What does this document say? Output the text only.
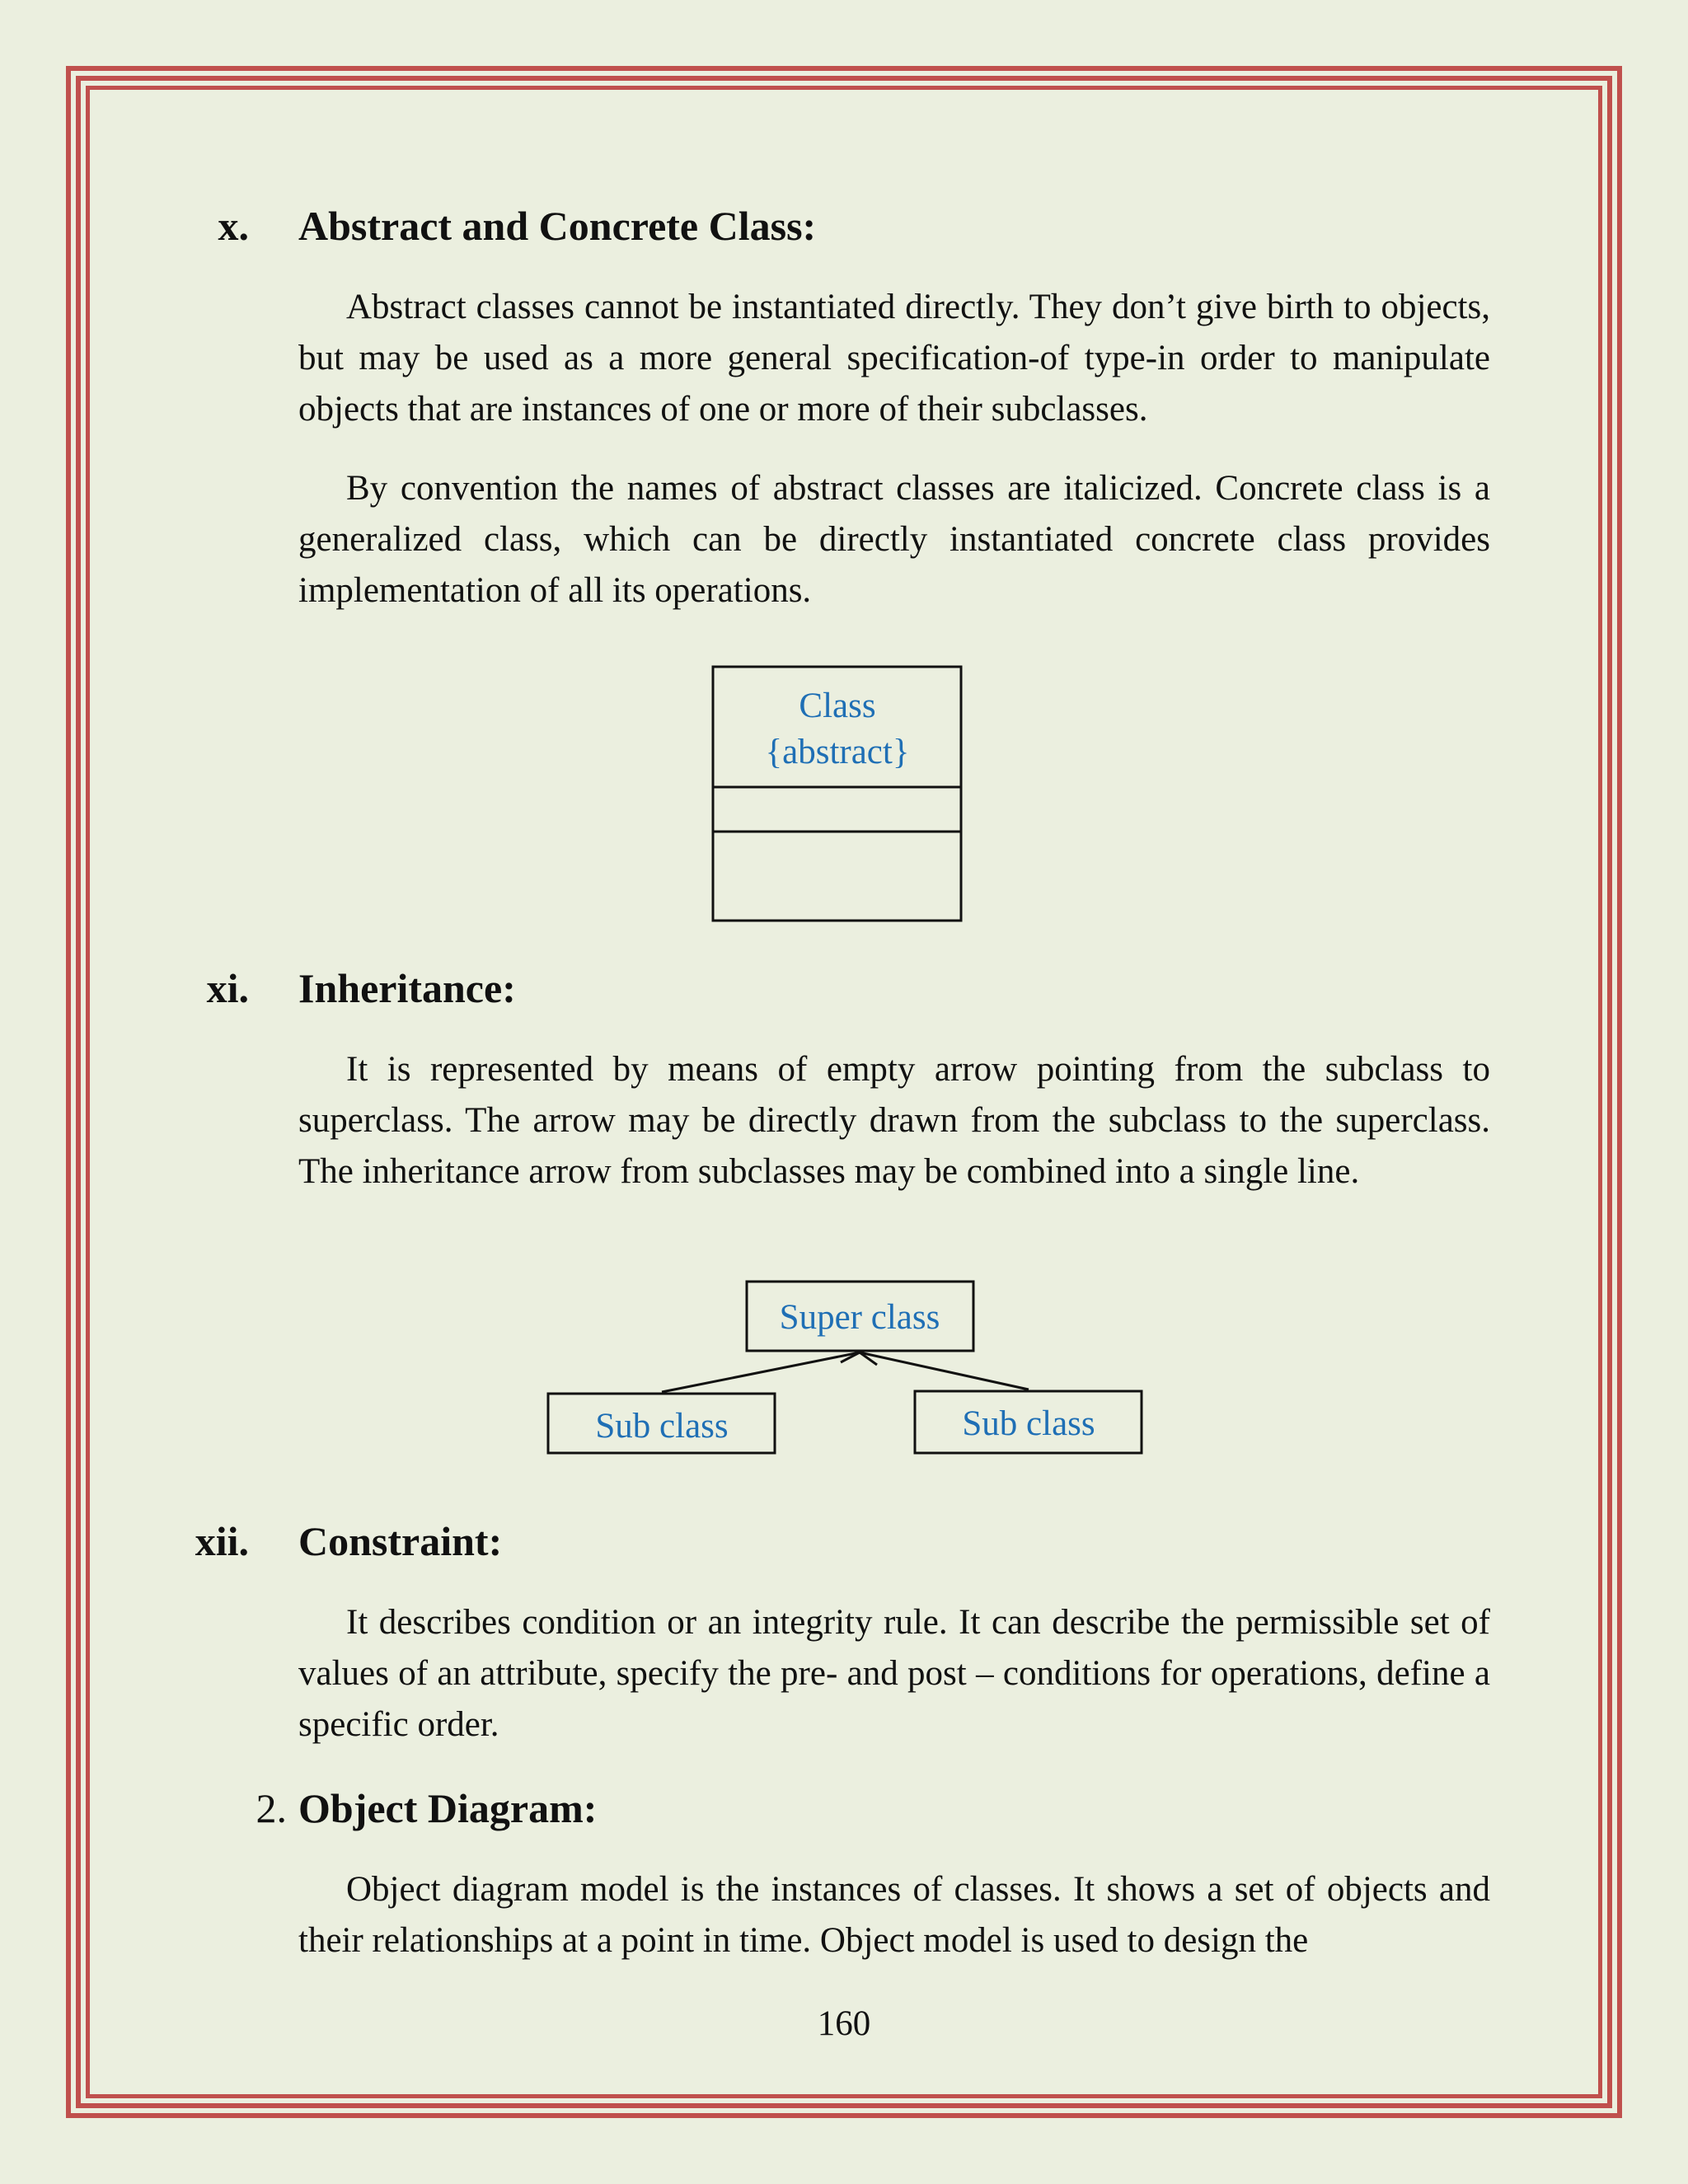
x. Abstract and Concrete Class:

Abstract classes cannot be instantiated directly. They don’t give birth to objects, but may be used as a more general specification-of type-in order to manipulate objects that are instances of one or more of their subclasses.

By convention the names of abstract classes are italicized. Concrete class is a generalized class, which can be directly instantiated concrete class provides implementation of all its operations.

Class
{abstract}
xi. Inheritance:

It is represented by means of empty arrow pointing from the subclass to superclass. The arrow may be directly drawn from the subclass to the superclass. The inheritance arrow from subclasses may be combined into a single line.

Super class
Sub class	Sub class
xii. Constraint:

It describes condition or an integrity rule. It can describe the permissible set of values of an attribute, specify the pre- and post – conditions for operations, define a specific order.

2. Object Diagram:

Object diagram model is the instances of classes. It shows a set of objects and their relationships at a point in time. Object model is used to design the

160
